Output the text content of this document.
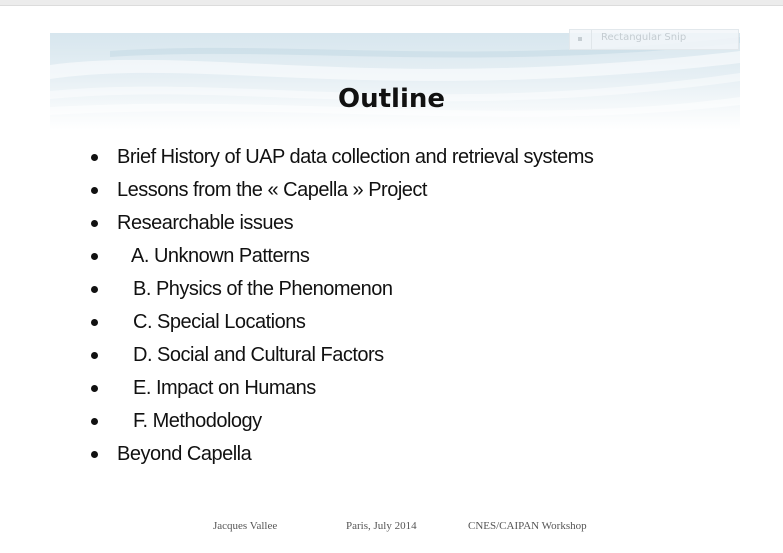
Rectangular Snip
Outline
Brief History of UAP data collection and retrieval systems
Lessons from the « Capella » Project
Researchable issues
A. Unknown Patterns
B. Physics of the Phenomenon
C. Special Locations
D. Social and Cultural Factors
E. Impact on Humans
F. Methodology
Beyond Capella
Jacques Vallee	Paris, July 2014	CNES/CAIPAN Workshop
